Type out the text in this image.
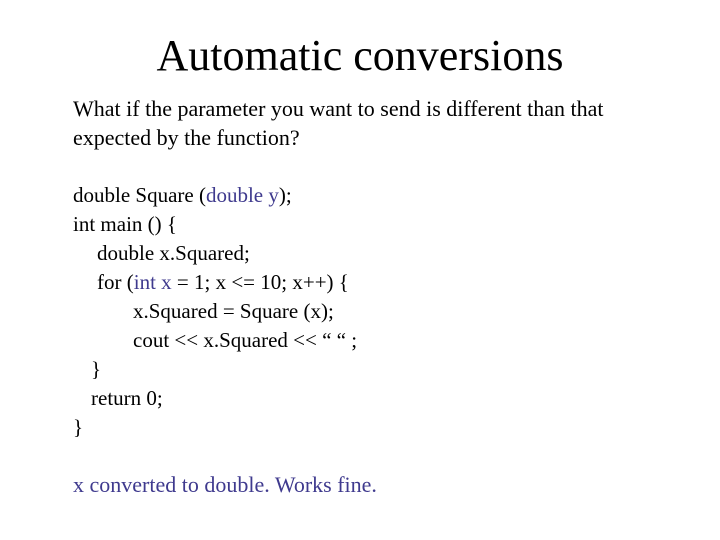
Automatic conversions
What if the parameter you want to send is different than that
expected by the function?
double Square (double y);
int main () {
double x.Squared;
for (int x = 1; x <= 10; x++) {
x.Squared = Square (x);
cout << x.Squared << “ “ ;
}
return 0;
}
x converted to double. Works fine.
